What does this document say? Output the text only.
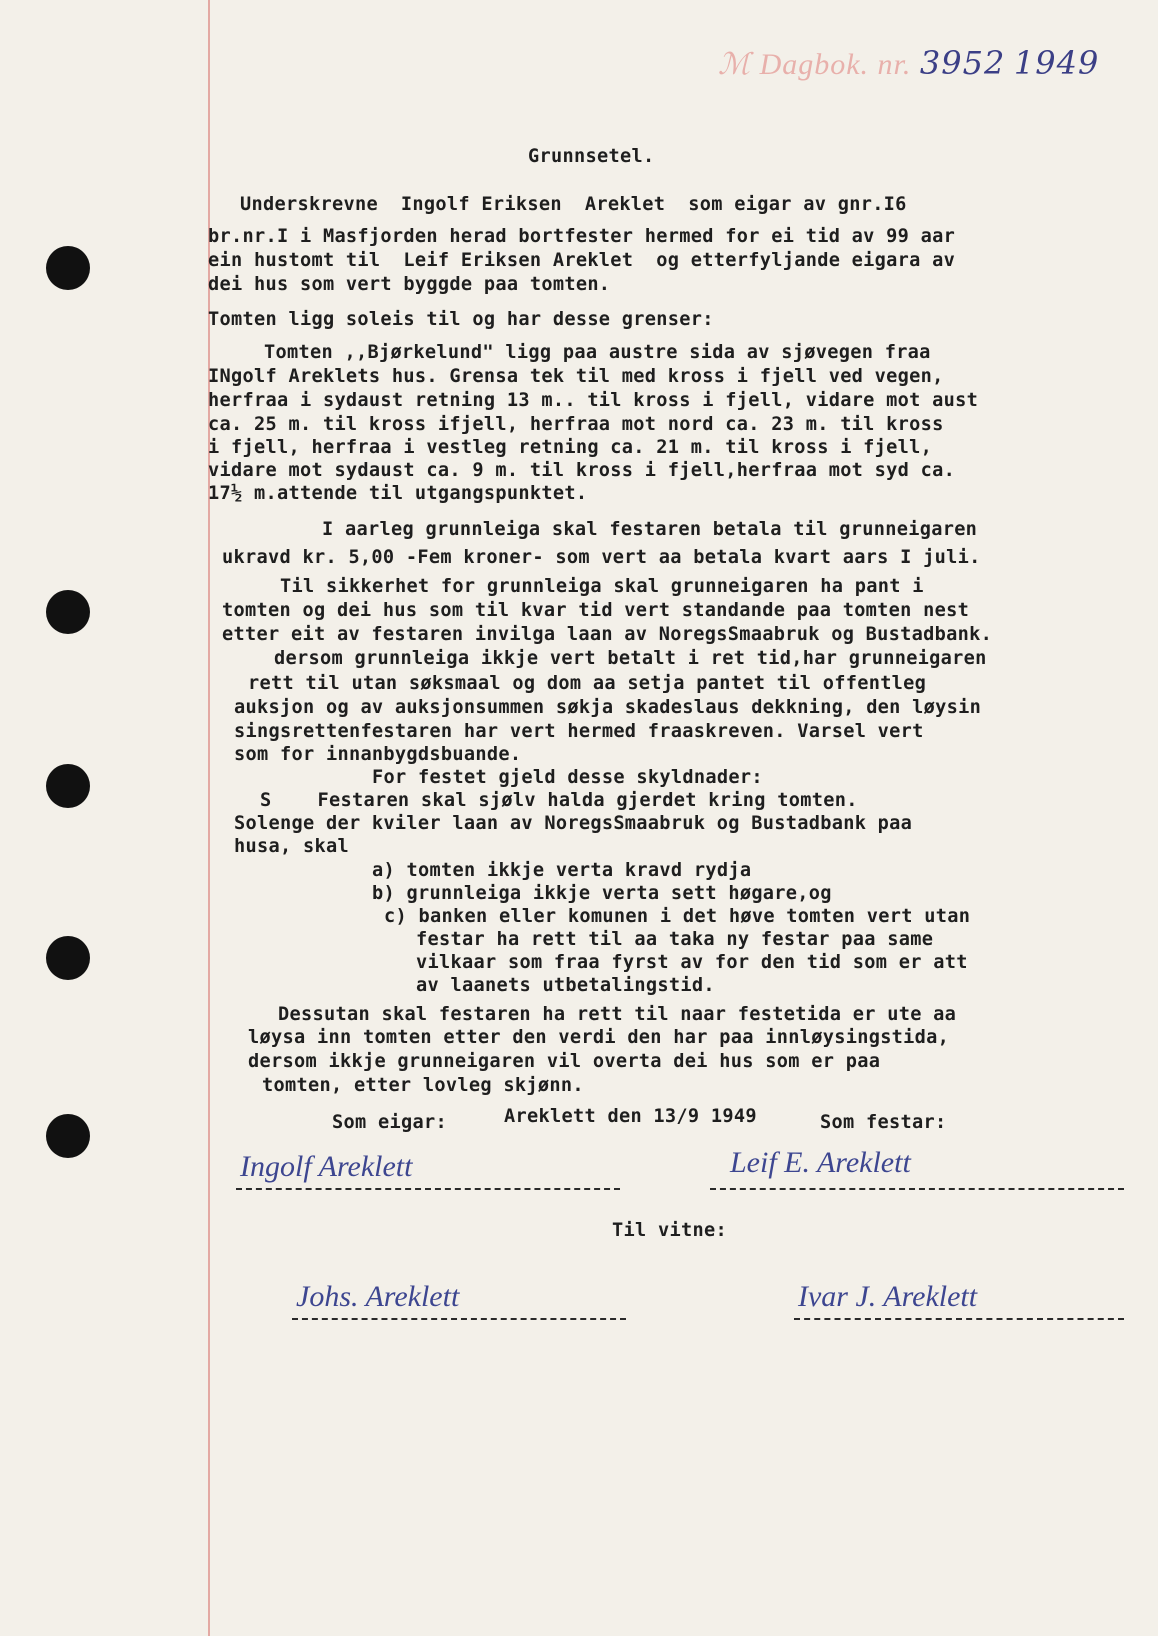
ℳ Dagbok. nr. 3952 1949
Grunnsetel.
Underskrevne  Ingolf Eriksen  Areklet  som eigar av gnr.I6
br.nr.I i Masfjorden herad bortfester hermed for ei tid av 99 aar
ein hustomt til  Leif Eriksen Areklet  og etterfyljande eigara av
dei hus som vert byggde paa tomten.
Tomten ligg soleis til og har desse grenser:
Tomten ,,Bjørkelund" ligg paa austre sida av sjøvegen fraa
INgolf Areklets hus. Grensa tek til med kross i fjell ved vegen,
herfraa i sydaust retning 13 m.. til kross i fjell, vidare mot aust
ca. 25 m. til kross ifjell, herfraa mot nord ca. 23 m. til kross
i fjell, herfraa i vestleg retning ca. 21 m. til kross i fjell,
vidare mot sydaust ca. 9 m. til kross i fjell,herfraa mot syd ca.
17½ m.attende til utgangspunktet.
I aarleg grunnleiga skal festaren betala til grunneigaren
ukravd kr. 5,00 -Fem kroner- som vert aa betala kvart aars I juli.
Til sikkerhet for grunnleiga skal grunneigaren ha pant i
tomten og dei hus som til kvar tid vert standande paa tomten nest
etter eit av festaren invilga laan av NoregsSmaabruk og Bustadbank.
dersom grunnleiga ikkje vert betalt i ret tid,har grunneigaren
rett til utan søksmaal og dom aa setja pantet til offentleg
auksjon og av auksjonsummen søkja skadeslaus dekkning, den løysin
singsrettenfestaren har vert hermed fraaskreven. Varsel vert
som for innanbygdsbuande.
For festet gjeld desse skyldnader:
S    Festaren skal sjølv halda gjerdet kring tomten.
Solenge der kviler laan av NoregsSmaabruk og Bustadbank paa
husa, skal
a) tomten ikkje verta kravd rydja
b) grunnleiga ikkje verta sett høgare,og
c) banken eller komunen i det høve tomten vert utan
festar ha rett til aa taka ny festar paa same
vilkaar som fraa fyrst av for den tid som er att
av laanets utbetalingstid.
Dessutan skal festaren ha rett til naar festetida er ute aa
løysa inn tomten etter den verdi den har paa innløysingstida,
dersom ikkje grunneigaren vil overta dei hus som er paa
tomten, etter lovleg skjønn.
Som eigar:	Areklett den 13/9 1949	Som festar:
Ingolf Areklett	Leif E. Areklett
Til vitne:
Johs. Areklett	Ivar J. Areklett
